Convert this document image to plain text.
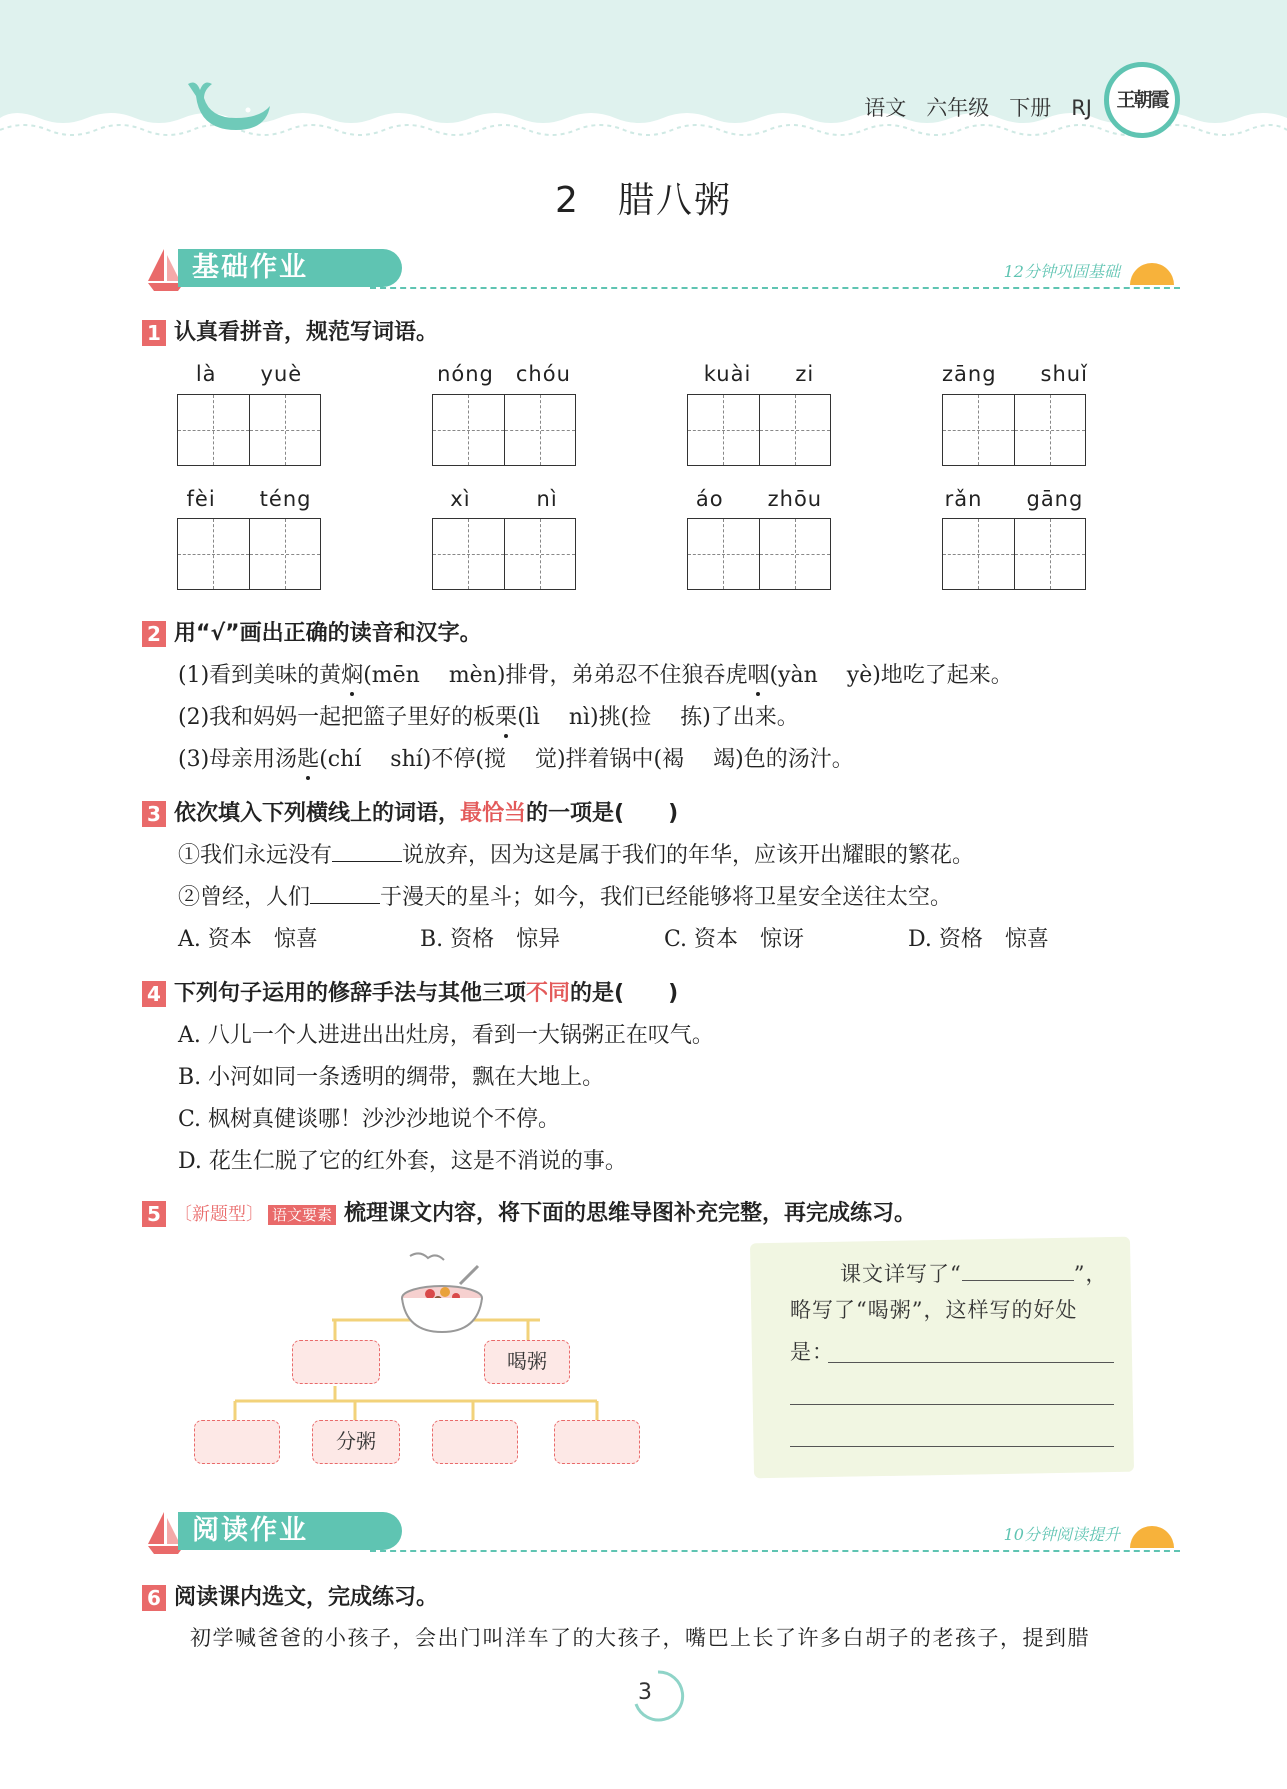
语文 六年级 下册 RJ	王朝霞
2　腊八粥
基础作业	12分钟巩固基础
1 认真看拼音，规范写词语。
là　　yuè	nóng　chóu	kuài　　zi	zāng　　shuǐ
fèi　　téng	xì　　　nì	áo　　zhōu	rǎn　　gāng
2 用“√”画出正确的读音和汉字。
(1)看到美味的黄焖(mēn　 mèn)排骨，弟弟忍不住狼吞虎咽(yàn　 yè)地吃了起来。
(2)我和妈妈一起把篮子里好的板栗(lì　 nì)挑(捡　 拣)了出来。
(3)母亲用汤匙(chí　 shí)不停(搅　 觉)拌着锅中(褐　 竭)色的汤汁。
3 依次填入下列横线上的词语，最恰当的一项是(　　)
①我们永远没有	说放弃，因为这是属于我们的年华，应该开出耀眼的繁花。
②曾经，人们	于漫天的星斗；如今，我们已经能够将卫星安全送往太空。
A. 资本　惊喜	B. 资格　惊异	C. 资本　惊讶	D. 资格　惊喜
4 下列句子运用的修辞手法与其他三项不同的是(　　)
A. 八儿一个人进进出出灶房，看到一大锅粥正在叹气。
B. 小河如同一条透明的绸带，飘在大地上。
C. 枫树真健谈哪！沙沙沙地说个不停。
D. 花生仁脱了它的红外套，这是不消说的事。
5 〔新题型〕 语文要素 梳理课文内容，将下面的思维导图补充完整，再完成练习。
喝粥
分粥
课文详写了“	”，
略写了“喝粥”，这样写的好处
是：
阅读作业	10分钟阅读提升
6 阅读课内选文，完成练习。
初学喊爸爸的小孩子，会出门叫洋车了的大孩子，嘴巴上长了许多白胡子的老孩子，提到腊
3
